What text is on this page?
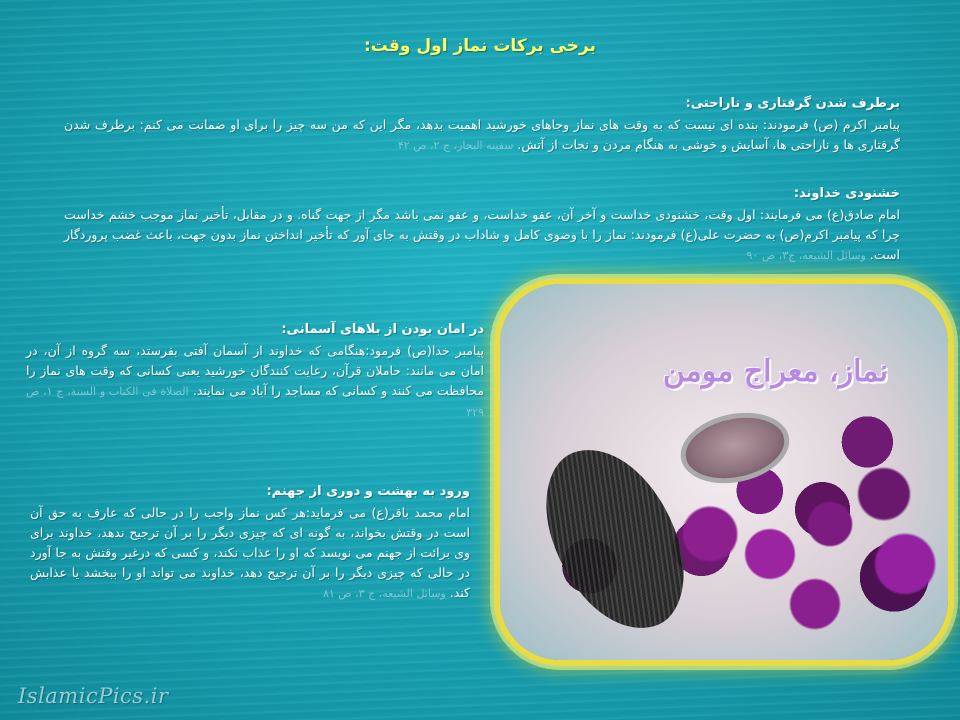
برخی برکات نماز اول وقت:
برطرف شدن گرفتاری و ناراحتی:

پیامبر اکرم (ص) فرمودند: بنده ای نیست که به وقت های نماز وجاهای خورشید اهمیت بدهد، مگر این که من سه چیز را برای او ضمانت می کنم: برطرف شدن گرفتاری ها و ناراحتی ها، آسایش و خوشی به هنگام مردن و نجات از آتش. سفینه البحار، ج ۲، ص ۴۲

خشنودی خداوند:

امام صادق(ع) می فرمایند: اول وقت، خشنودی خداست و آخر آن، عفو خداست، و عفو نمی باشد مگر از جهت گناه. و در مقابل، تأخیر نماز موجب خشم خداست چرا که پیامبر اکرم(ص) به حضرت علی(ع) فرمودند: نماز را با وضوی کامل و شاداب در وقتش به جای آور که تأخیر انداختن نماز بدون جهت، باعث غضب پروردگار است. وسائل الشیعه، ج۳، ص ۹۰

در امان بودن از بلاهای آسمانی:

پیامبر خدا(ص) فرمود:هنگامی که خداوند از آسمان آفتی بفرستد، سه گروه از آن، در امان می مانند: حاملان قرآن، رعایت کنندگان خورشید یعنی کسانی که وقت های نماز را محافظت می کنند و کسانی که مساجد را آباد می نمایند. الصلاة فی الکتاب و السنة، ج ۱، ص ۳۲۹

ورود به بهشت و دوری از جهنم:

امام محمد باقر(ع) می فرماید:هر کس نماز واجب را در حالی که عارف به حق آن است در وقتش بخواند، به گونه ای که چیزی دیگر را بر آن ترجیح ندهد، خداوند برای وی برائت از جهنم می نویسد که او را عذاب نکند، و کسی که درغیر وقتش به جا آورد در حالی که چیزی دیگر را بر آن ترجیح دهد، خداوند می تواند او را ببخشد یا عذابش کند. وسائل الشیعه، ج ۳، ص ۸۱

نماز، معراج مومن
IslamicPics.ir
